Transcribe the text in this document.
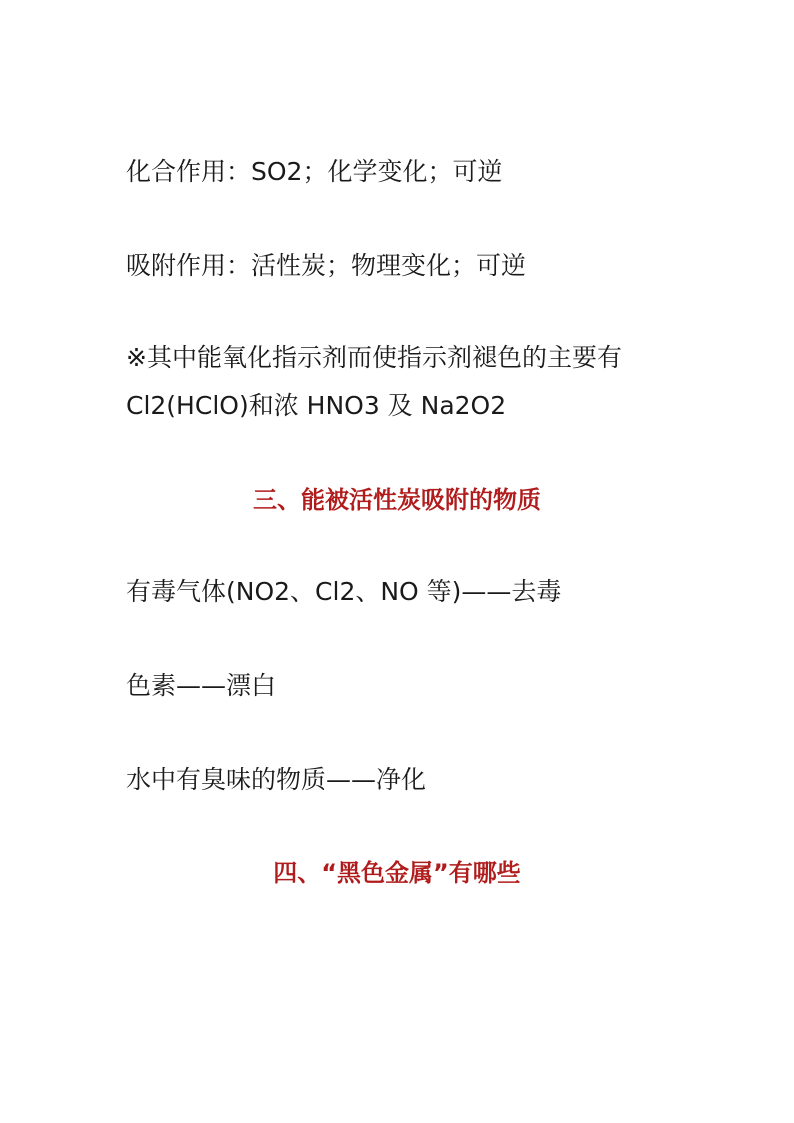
化合作用：SO2；化学变化；可逆

吸附作用：活性炭；物理变化；可逆

※其中能氧化指示剂而使指示剂褪色的主要有
Cl2(HClO)和浓 HNO3 及 Na2O2

三、能被活性炭吸附的物质

有毒气体(NO2、Cl2、NO 等)——去毒

色素——漂白

水中有臭味的物质——净化

四、“黑色金属”有哪些
